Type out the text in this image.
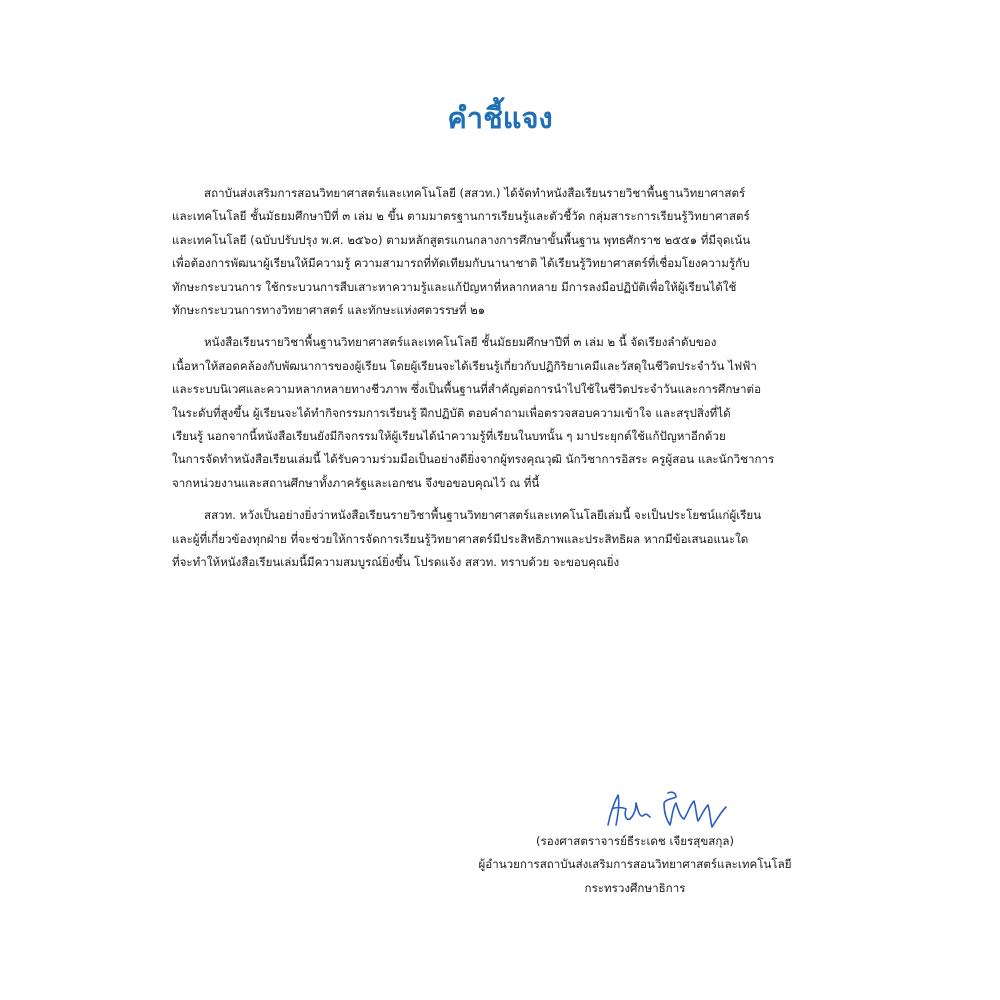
คำชี้แจง

สถาบันส่งเสริมการสอนวิทยาศาสตร์และเทคโนโลยี (สสวท.) ได้จัดทำหนังสือเรียนรายวิชาพื้นฐานวิทยาศาสตร์
และเทคโนโลยี ชั้นมัธยมศึกษาปีที่ ๓ เล่ม ๒ ขึ้น ตามมาตรฐานการเรียนรู้และตัวชี้วัด กลุ่มสาระการเรียนรู้วิทยาศาสตร์
และเทคโนโลยี (ฉบับปรับปรุง พ.ศ. ๒๕๖๐) ตามหลักสูตรแกนกลางการศึกษาขั้นพื้นฐาน พุทธศักราช ๒๕๕๑ ที่มีจุดเน้น
เพื่อต้องการพัฒนาผู้เรียนให้มีความรู้ ความสามารถที่ทัดเทียมกับนานาชาติ ได้เรียนรู้วิทยาศาสตร์ที่เชื่อมโยงความรู้กับ
ทักษะกระบวนการ ใช้กระบวนการสืบเสาะหาความรู้และแก้ปัญหาที่หลากหลาย มีการลงมือปฏิบัติเพื่อให้ผู้เรียนได้ใช้
ทักษะกระบวนการทางวิทยาศาสตร์ และทักษะแห่งศตวรรษที่ ๒๑

หนังสือเรียนรายวิชาพื้นฐานวิทยาศาสตร์และเทคโนโลยี ชั้นมัธยมศึกษาปีที่ ๓ เล่ม ๒ นี้ จัดเรียงลำดับของ
เนื้อหาให้สอดคล้องกับพัฒนาการของผู้เรียน โดยผู้เรียนจะได้เรียนรู้เกี่ยวกับปฏิกิริยาเคมีและวัสดุในชีวิตประจำวัน ไฟฟ้า
และระบบนิเวศและความหลากหลายทางชีวภาพ ซึ่งเป็นพื้นฐานที่สำคัญต่อการนำไปใช้ในชีวิตประจำวันและการศึกษาต่อ
ในระดับที่สูงขึ้น ผู้เรียนจะได้ทำกิจกรรมการเรียนรู้ ฝึกปฏิบัติ ตอบคำถามเพื่อตรวจสอบความเข้าใจ และสรุปสิ่งที่ได้
เรียนรู้ นอกจากนี้หนังสือเรียนยังมีกิจกรรมให้ผู้เรียนได้นำความรู้ที่เรียนในบทนั้น ๆ มาประยุกต์ใช้แก้ปัญหาอีกด้วย
ในการจัดทำหนังสือเรียนเล่มนี้ ได้รับความร่วมมือเป็นอย่างดียิ่งจากผู้ทรงคุณวุฒิ นักวิชาการอิสระ ครูผู้สอน และนักวิชาการ
จากหน่วยงานและสถานศึกษาทั้งภาครัฐและเอกชน จึงขอขอบคุณไว้ ณ ที่นี้

สสวท. หวังเป็นอย่างยิ่งว่าหนังสือเรียนรายวิชาพื้นฐานวิทยาศาสตร์และเทคโนโลยีเล่มนี้ จะเป็นประโยชน์แก่ผู้เรียน
และผู้ที่เกี่ยวข้องทุกฝ่าย ที่จะช่วยให้การจัดการเรียนรู้วิทยาศาสตร์มีประสิทธิภาพและประสิทธิผล หากมีข้อเสนอแนะใด
ที่จะทำให้หนังสือเรียนเล่มนี้มีความสมบูรณ์ยิ่งขึ้น โปรดแจ้ง สสวท. ทราบด้วย จะขอบคุณยิ่ง

(รองศาสตราจารย์ธีระเดช เจียรสุขสกุล)
ผู้อำนวยการสถาบันส่งเสริมการสอนวิทยาศาสตร์และเทคโนโลยี
กระทรวงศึกษาธิการ
